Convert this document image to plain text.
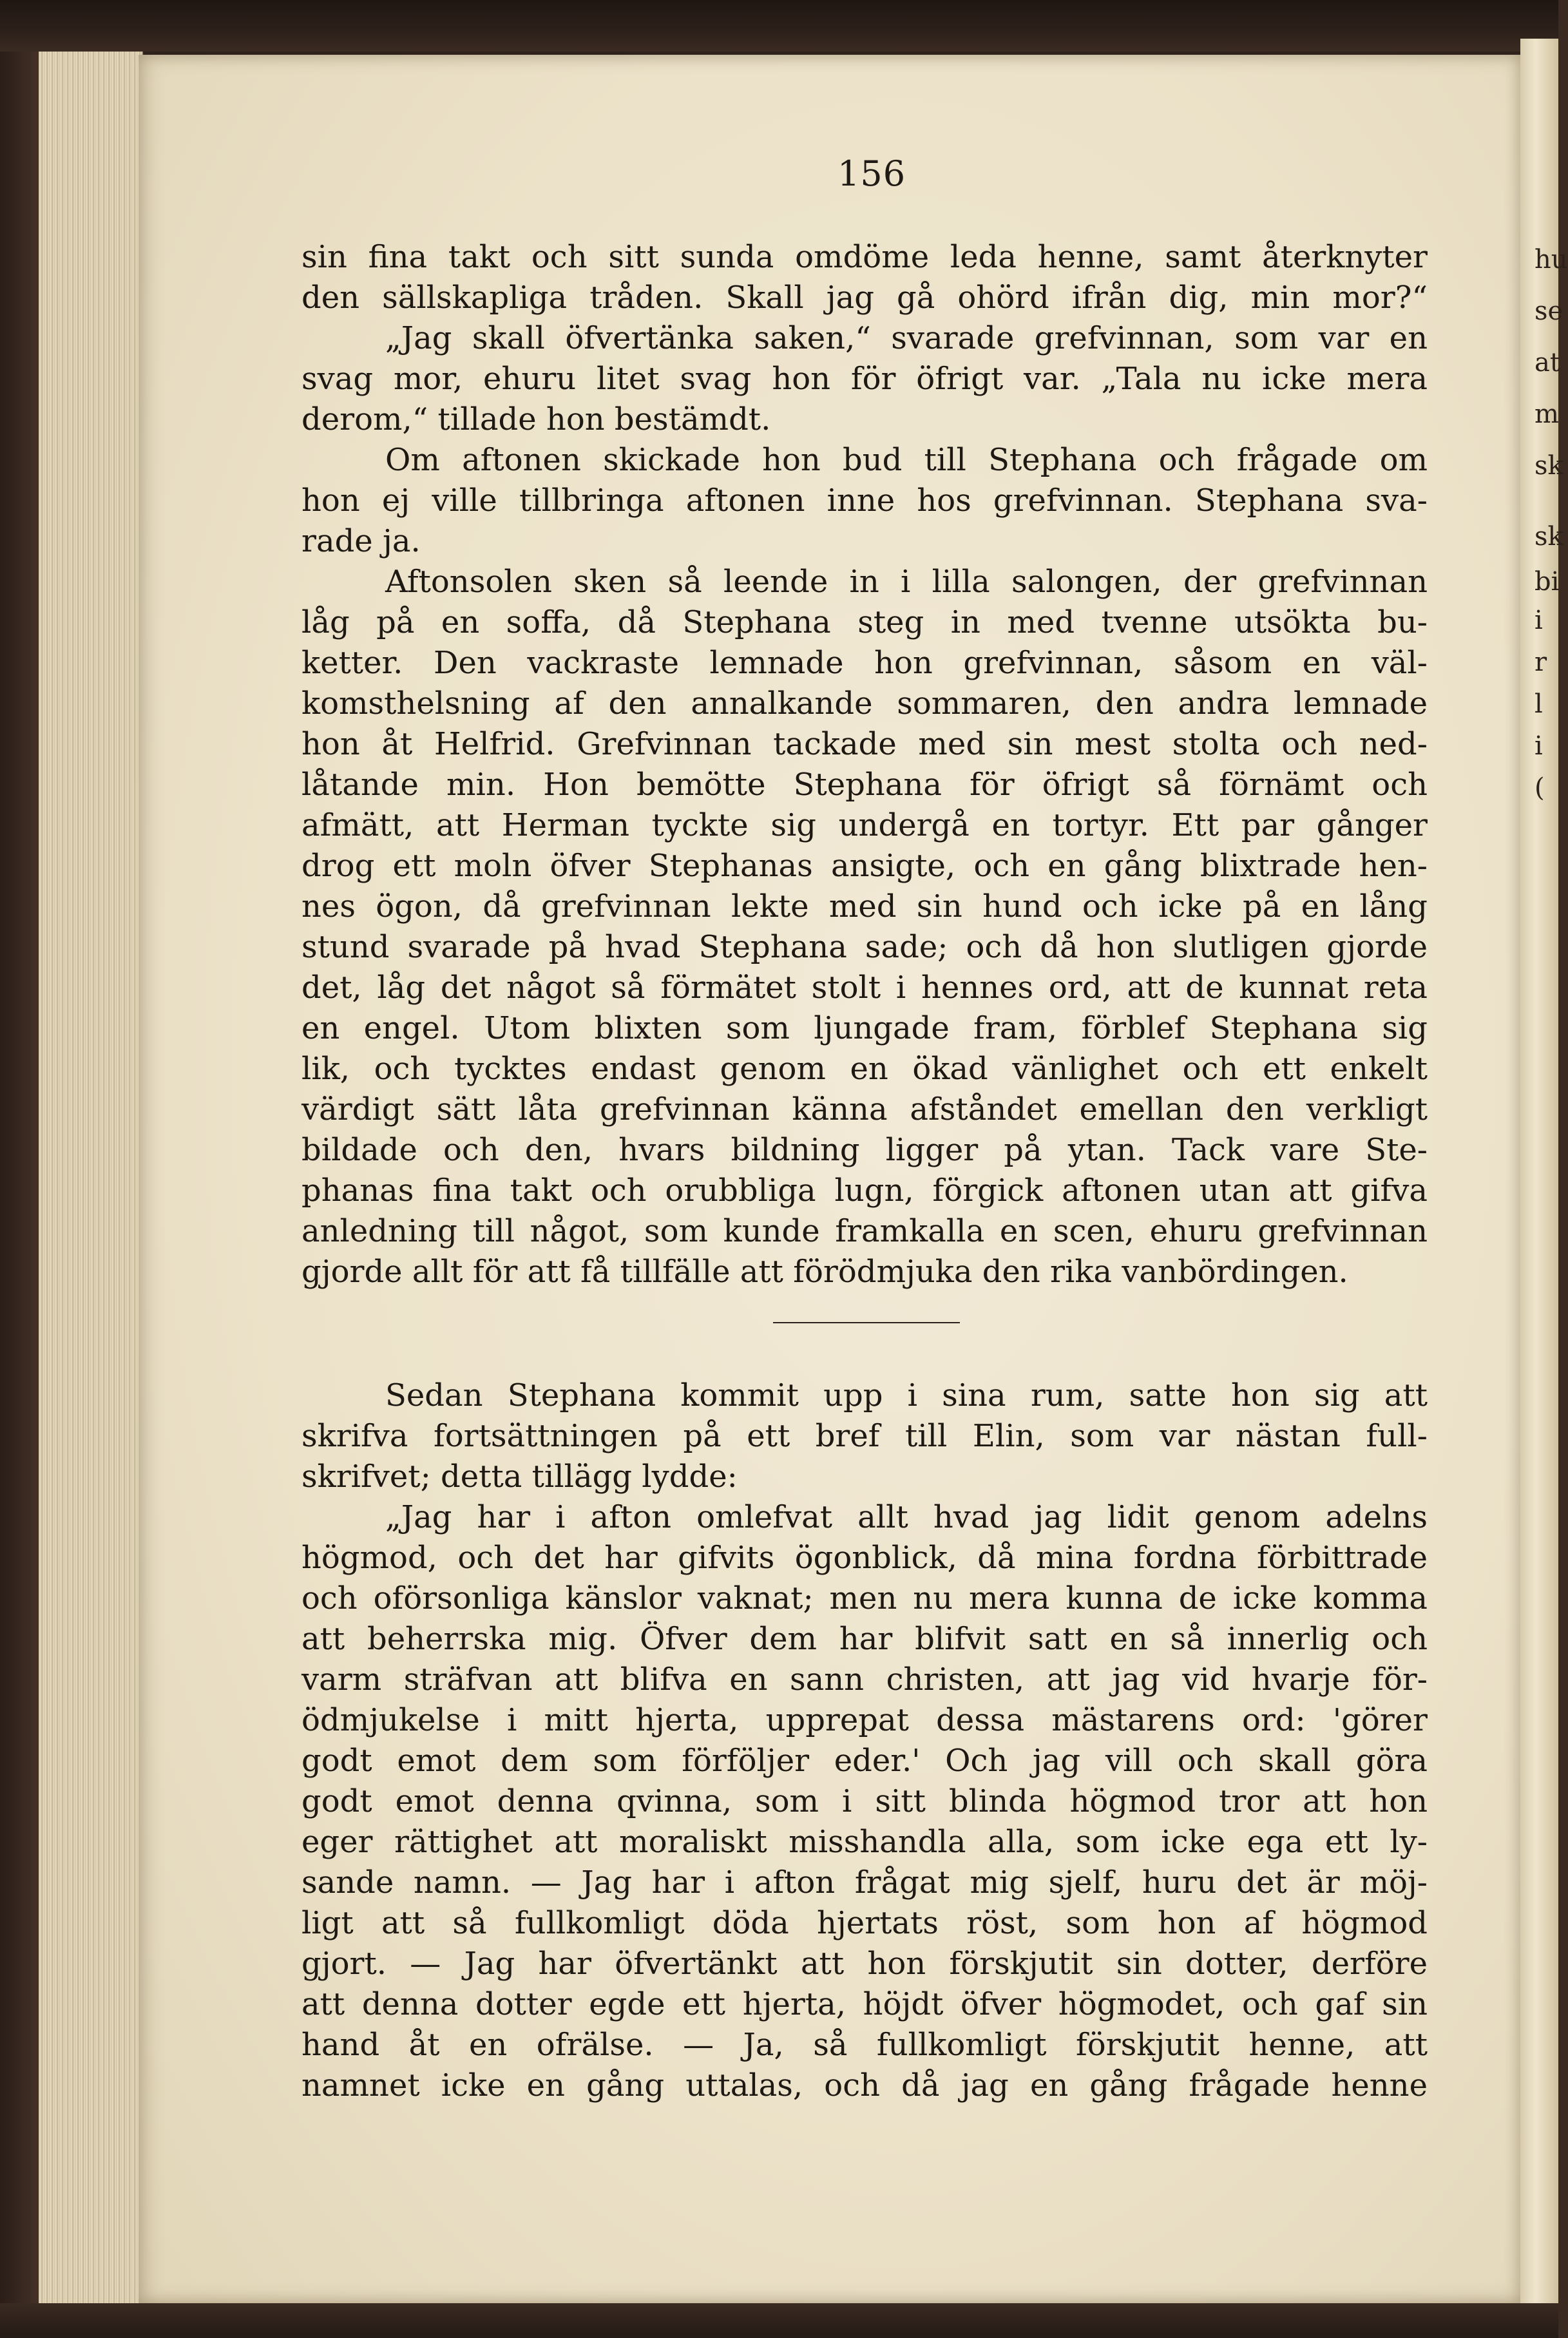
hu
se
at
m
sk
sk
bi
i
r
l
i
(
156
sin fina takt och sitt sunda omdöme leda henne, samt återknyter
den sällskapliga tråden. Skall jag gå ohörd ifrån dig, min mor?“
„Jag skall öfvertänka saken,“ svarade grefvinnan, som var en
svag mor, ehuru litet svag hon för öfrigt var. „Tala nu icke mera
derom,“ tillade hon bestämdt.
Om aftonen skickade hon bud till Stephana och frågade om
hon ej ville tillbringa aftonen inne hos grefvinnan. Stephana sva-
rade ja.
Aftonsolen sken så leende in i lilla salongen, der grefvinnan
låg på en soffa, då Stephana steg in med tvenne utsökta bu-
ketter. Den vackraste lemnade hon grefvinnan, såsom en väl-
komsthelsning af den annalkande sommaren, den andra lemnade
hon åt Helfrid. Grefvinnan tackade med sin mest stolta och ned-
låtande min. Hon bemötte Stephana för öfrigt så förnämt och
afmätt, att Herman tyckte sig undergå en tortyr. Ett par gånger
drog ett moln öfver Stephanas ansigte, och en gång blixtrade hen-
nes ögon, då grefvinnan lekte med sin hund och icke på en lång
stund svarade på hvad Stephana sade; och då hon slutligen gjorde
det, låg det något så förmätet stolt i hennes ord, att de kunnat reta
en engel. Utom blixten som ljungade fram, förblef Stephana sig
lik, och tycktes endast genom en ökad vänlighet och ett enkelt
värdigt sätt låta grefvinnan känna afståndet emellan den verkligt
bildade och den, hvars bildning ligger på ytan. Tack vare Ste-
phanas fina takt och orubbliga lugn, förgick aftonen utan att gifva
anledning till något, som kunde framkalla en scen, ehuru grefvinnan
gjorde allt för att få tillfälle att förödmjuka den rika vanbördingen.
Sedan Stephana kommit upp i sina rum, satte hon sig att
skrifva fortsättningen på ett bref till Elin, som var nästan full-
skrifvet; detta tillägg lydde:
„Jag har i afton omlefvat allt hvad jag lidit genom adelns
högmod, och det har gifvits ögonblick, då mina fordna förbittrade
och oförsonliga känslor vaknat; men nu mera kunna de icke komma
att beherrska mig. Öfver dem har blifvit satt en så innerlig och
varm sträfvan att blifva en sann christen, att jag vid hvarje för-
ödmjukelse i mitt hjerta, upprepat dessa mästarens ord: 'görer
godt emot dem som förföljer eder.' Och jag vill och skall göra
godt emot denna qvinna, som i sitt blinda högmod tror att hon
eger rättighet att moraliskt misshandla alla, som icke ega ett ly-
sande namn. — Jag har i afton frågat mig sjelf, huru det är möj-
ligt att så fullkomligt döda hjertats röst, som hon af högmod
gjort. — Jag har öfvertänkt att hon förskjutit sin dotter, derföre
att denna dotter egde ett hjerta, höjdt öfver högmodet, och gaf sin
hand åt en ofrälse. — Ja, så fullkomligt förskjutit henne, att
namnet icke en gång uttalas, och då jag en gång frågade henne
